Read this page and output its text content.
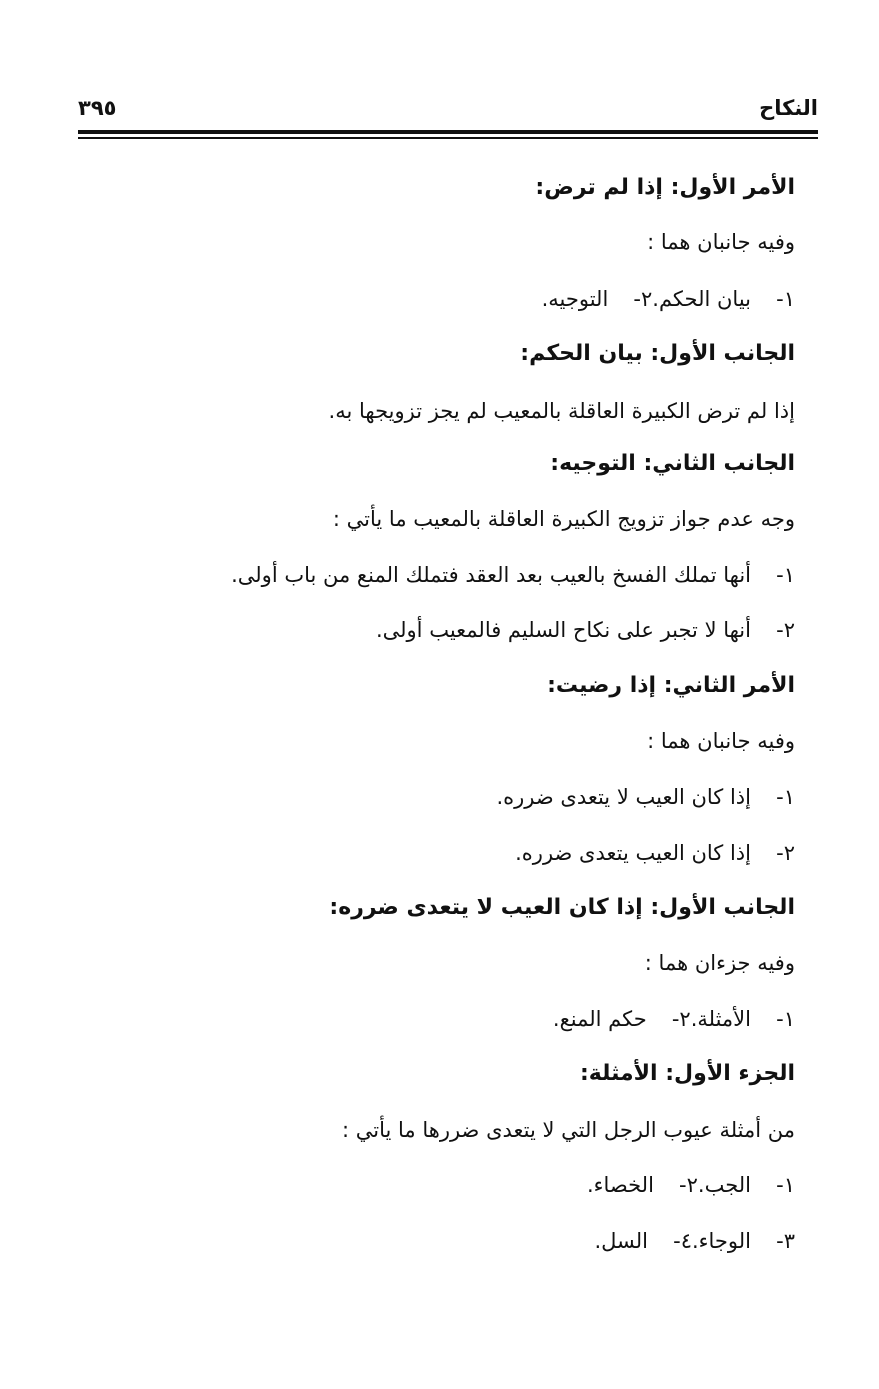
النكاح
٣٩٥
الأمر الأول: إذا لم ترض:
وفيه جانبان هما :
١-بيان الحكم.٢-التوجيه.
الجانب الأول: بيان الحكم:
إذا لم ترض الكبيرة العاقلة بالمعيب لم يجز تزويجها به.
الجانب الثاني: التوجيه:
وجه عدم جواز تزويج الكبيرة العاقلة بالمعيب ما يأتي :
١-أنها تملك الفسخ بالعيب بعد العقد فتملك المنع من باب أولى.
٢-أنها لا تجبر على نكاح السليم فالمعيب أولى.
الأمر الثاني: إذا رضيت:
وفيه جانبان هما :
١-إذا كان العيب لا يتعدى ضرره.
٢-إذا كان العيب يتعدى ضرره.
الجانب الأول: إذا كان العيب لا يتعدى ضرره:
وفيه جزءان هما :
١-الأمثلة.٢-حكم المنع.
الجزء الأول: الأمثلة:
من أمثلة عيوب الرجل التي لا يتعدى ضررها ما يأتي :
١-الجب.٢-الخصاء.
٣-الوجاء.٤-السل.
